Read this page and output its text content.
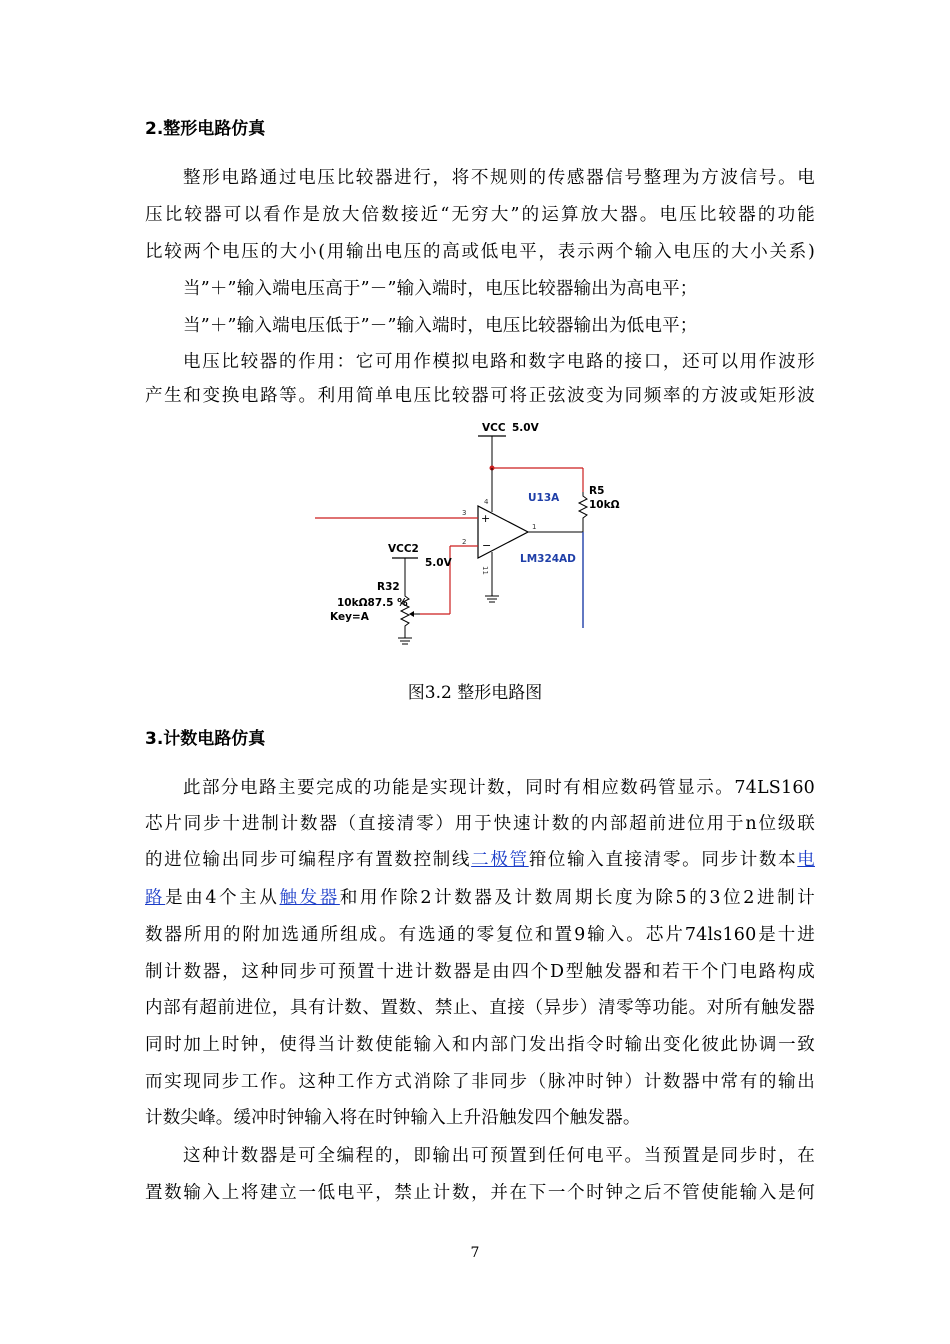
2.整形电路仿真
整形电路通过电压比较器进行，将不规则的传感器信号整理为方波信号。电
压比较器可以看作是放大倍数接近“无穷大”的运算放大器。电压比较器的功能
比较两个电压的大小(用输出电压的高或低电平，表示两个输入电压的大小关系)
当”＋”输入端电压高于”－”输入端时，电压比较器输出为高电平；
当”＋”输入端电压低于”－”输入端时，电压比较器输出为低电平；
电压比较器的作用：它可用作模拟电路和数字电路的接口，还可以用作波形
产生和变换电路等。利用简单电压比较器可将正弦波变为同频率的方波或矩形波
VCC 5.0V
4
R5
10kΩ
1
+
−
U13A
LM324AD
3
2
11
VCC2
5.0V
R32
10kΩ87.5 %
Key=A
图3.2 整形电路图
3.计数电路仿真
此部分电路主要完成的功能是实现计数，同时有相应数码管显示。74LS160
芯片同步十进制计数器（直接清零）用于快速计数的内部超前进位用于n位级联
的进位输出同步可编程序有置数控制线二极管箝位输入直接清零。同步计数本电
路是由4个主从触发器和用作除2计数器及计数周期长度为除5的3位2进制计
数器所用的附加选通所组成。有选通的零复位和置9输入。芯片74ls160是十进
制计数器，这种同步可预置十进计数器是由四个D型触发器和若干个门电路构成
内部有超前进位，具有计数、置数、禁止、直接（异步）清零等功能。对所有触发器
同时加上时钟，使得当计数使能输入和内部门发出指令时输出变化彼此协调一致
而实现同步工作。这种工作方式消除了非同步（脉冲时钟）计数器中常有的输出
计数尖峰。缓冲时钟输入将在时钟输入上升沿触发四个触发器。
这种计数器是可全编程的，即输出可预置到任何电平。当预置是同步时，在
置数输入上将建立一低电平，禁止计数，并在下一个时钟之后不管使能输入是何
7
